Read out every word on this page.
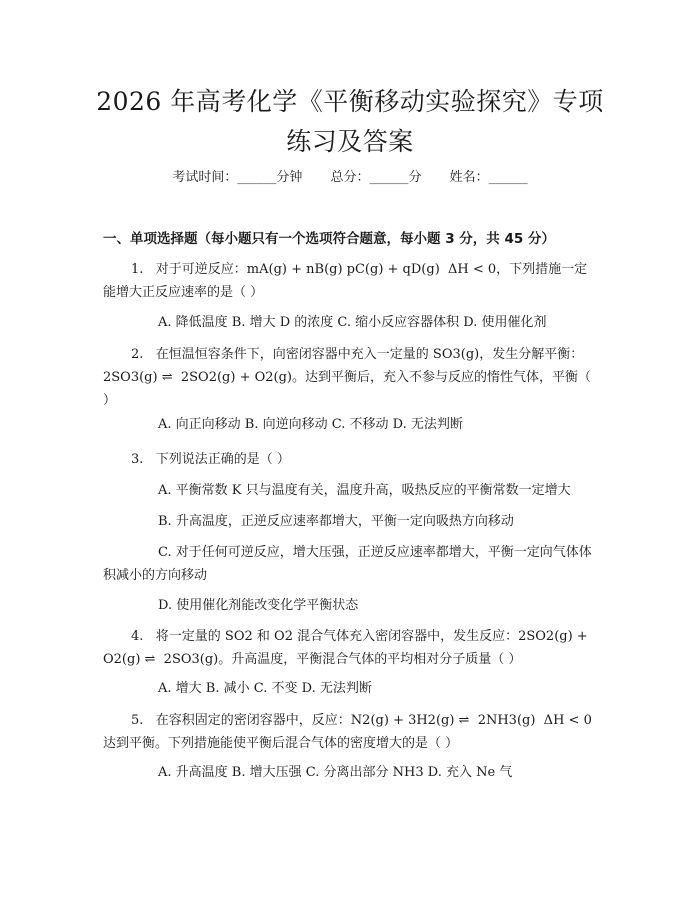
2026 年高考化学《平衡移动实验探究》专项
练习及答案
考试时间：______分钟 总分：______分 姓名：______
一、单项选择题（每小题只有一个选项符合题意，每小题 3 分，共 45 分）
1.   对于可逆反应：mA(g) + nB(g) pC(g) + qD(g)  ΔH < 0，下列措施一定能增大正反应速率的是（ ）
A. 降低温度 B. 增大 D 的浓度 C. 缩小反应容器体积 D. 使用催化剂
2.   在恒温恒容条件下，向密闭容器中充入一定量的 SO3(g)，发生分解平衡：2SO3(g) ⇌  2SO2(g) + O2(g)。达到平衡后，充入不参与反应的惰性气体，平衡（ ）
A. 向正向移动 B. 向逆向移动 C. 不移动 D. 无法判断
3.   下列说法正确的是（ ）
A. 平衡常数 K 只与温度有关，温度升高，吸热反应的平衡常数一定增大
B. 升高温度，正逆反应速率都增大，平衡一定向吸热方向移动
C. 对于任何可逆反应，增大压强，正逆反应速率都增大，平衡一定向气体体积减小的方向移动
D. 使用催化剂能改变化学平衡状态
4.   将一定量的 SO2 和 O2 混合气体充入密闭容器中，发生反应：2SO2(g) + O2(g) ⇌  2SO3(g)。升高温度，平衡混合气体的平均相对分子质量（ ）
A. 增大 B. 减小 C. 不变 D. 无法判断
5.   在容积固定的密闭容器中，反应：N2(g) + 3H2(g) ⇌  2NH3(g)  ΔH < 0 达到平衡。下列措施能使平衡后混合气体的密度增大的是（ ）
A. 升高温度 B. 增大压强 C. 分离出部分 NH3 D. 充入 Ne 气
